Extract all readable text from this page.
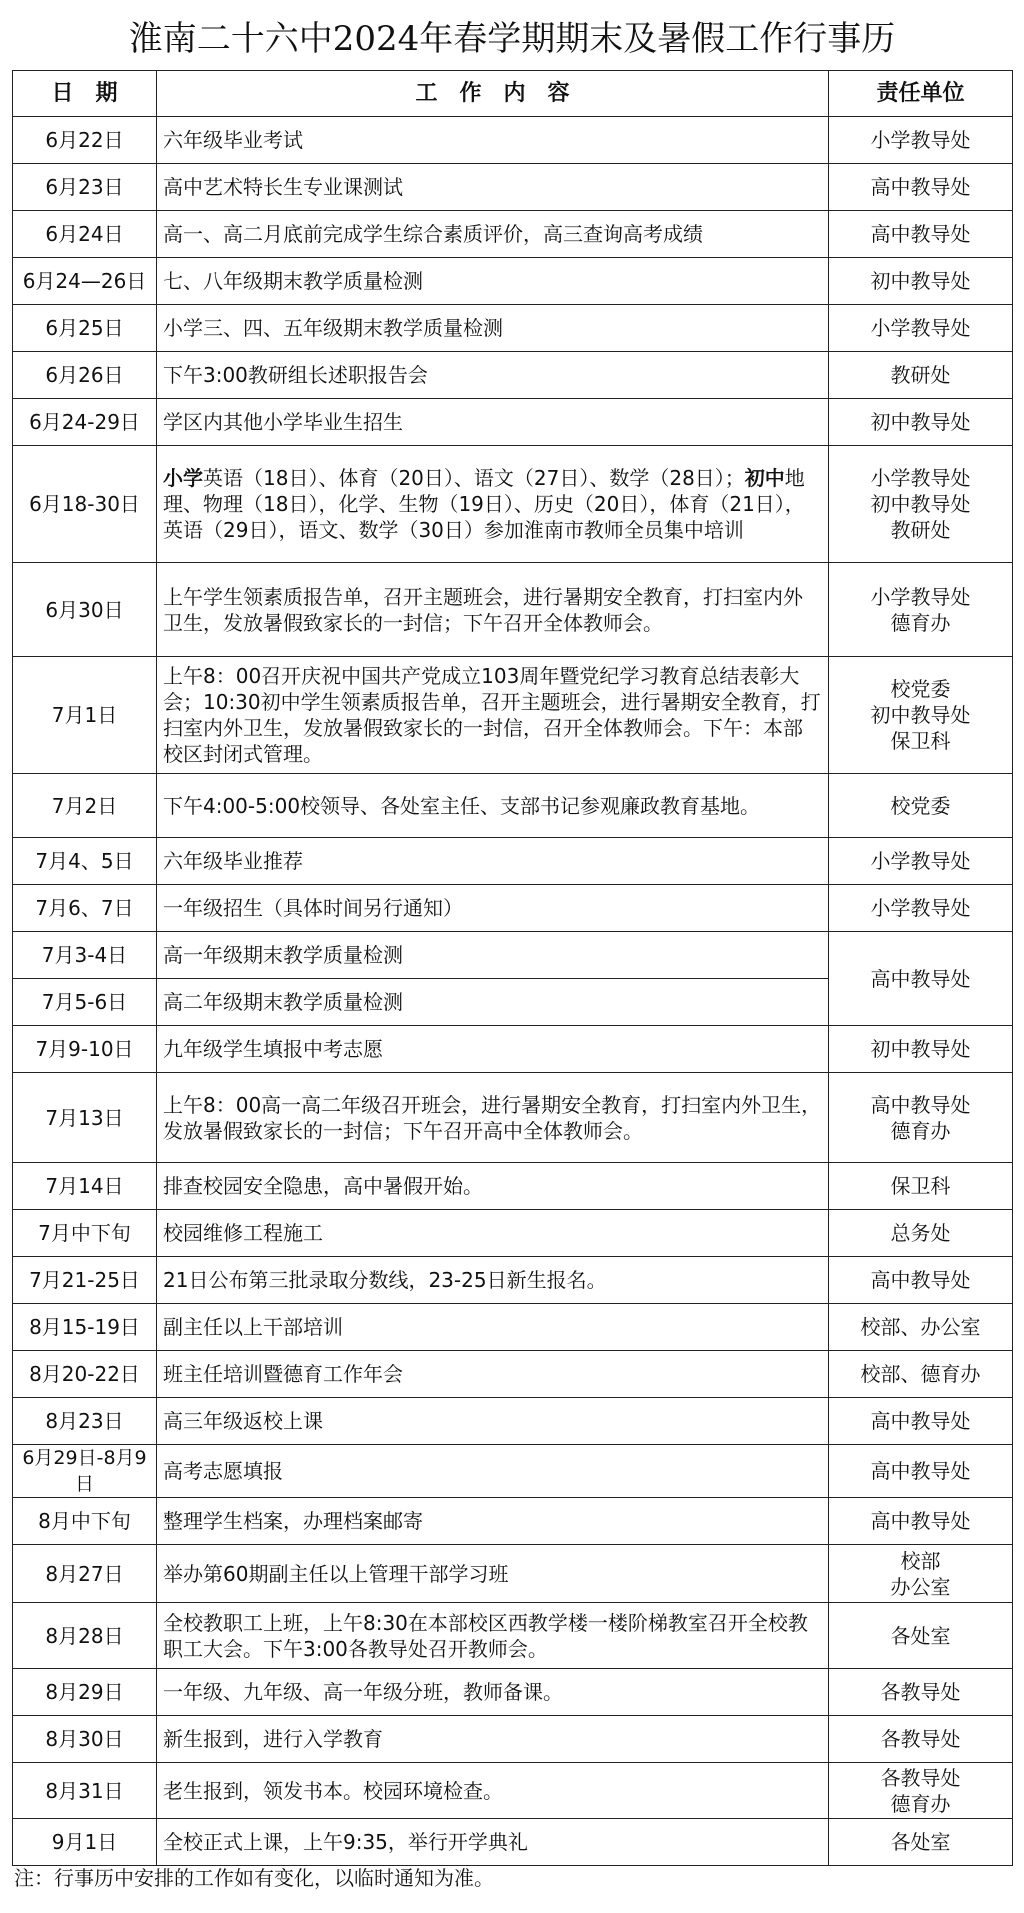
淮南二十六中2024年春学期期末及暑假工作行事历
日　期	工　作　内　容	责任单位
6月22日	六年级毕业考试	小学教导处
6月23日	高中艺术特长生专业课测试	高中教导处
6月24日	高一、高二月底前完成学生综合素质评价，高三查询高考成绩	高中教导处
6月24—26日	七、八年级期末教学质量检测	初中教导处
6月25日	小学三、四、五年级期末教学质量检测	小学教导处
6月26日	下午3:00教研组长述职报告会	教研处
6月24-29日	学区内其他小学毕业生招生	初中教导处
6月18-30日	小学英语（18日）、体育（20日）、语文（27日）、数学（28日）；初中地理、物理（18日），化学、生物（19日）、历史（20日），体育（21日），英语（29日），语文、数学（30日）参加淮南市教师全员集中培训	小学教导处
初中教导处
教研处

6月30日	上午学生领素质报告单，召开主题班会，进行暑期安全教育，打扫室内外卫生，发放暑假致家长的一封信；下午召开全体教师会。	小学教导处
德育办

7月1日	上午8：00召开庆祝中国共产党成立103周年暨党纪学习教育总结表彰大会；10:30初中学生领素质报告单，召开主题班会，进行暑期安全教育，打扫室内外卫生，发放暑假致家长的一封信，召开全体教师会。下午：本部校区封闭式管理。	校党委
初中教导处
保卫科

7月2日	下午4:00-5:00校领导、各处室主任、支部书记参观廉政教育基地。	校党委
7月4、5日	六年级毕业推荐	小学教导处
7月6、7日	一年级招生（具体时间另行通知）	小学教导处
7月3-4日	高一年级期末教学质量检测	高中教导处
7月5-6日	高二年级期末教学质量检测	
7月9-10日	九年级学生填报中考志愿	初中教导处
7月13日	上午8：00高一高二年级召开班会，进行暑期安全教育，打扫室内外卫生，发放暑假致家长的一封信；下午召开高中全体教师会。	高中教导处
德育办

7月14日	排查校园安全隐患，高中暑假开始。	保卫科
7月中下旬	校园维修工程施工	总务处
7月21-25日	21日公布第三批录取分数线，23-25日新生报名。	高中教导处
8月15-19日	副主任以上干部培训	校部、办公室
8月20-22日	班主任培训暨德育工作年会	校部、德育办
8月23日	高三年级返校上课	高中教导处
6月29日-8月9日	高考志愿填报	高中教导处
8月中下旬	整理学生档案，办理档案邮寄	高中教导处
8月27日	举办第60期副主任以上管理干部学习班	校部
办公室

8月28日	全校教职工上班，上午8:30在本部校区西教学楼一楼阶梯教室召开全校教职工大会。下午3:00各教导处召开教师会。	各处室
8月29日	一年级、九年级、高一年级分班，教师备课。	各教导处
8月30日	新生报到，进行入学教育	各教导处
8月31日	老生报到，领发书本。校园环境检查。	各教导处
德育办

9月1日	全校正式上课，上午9:35，举行开学典礼	各处室
注：行事历中安排的工作如有变化，以临时通知为准。
